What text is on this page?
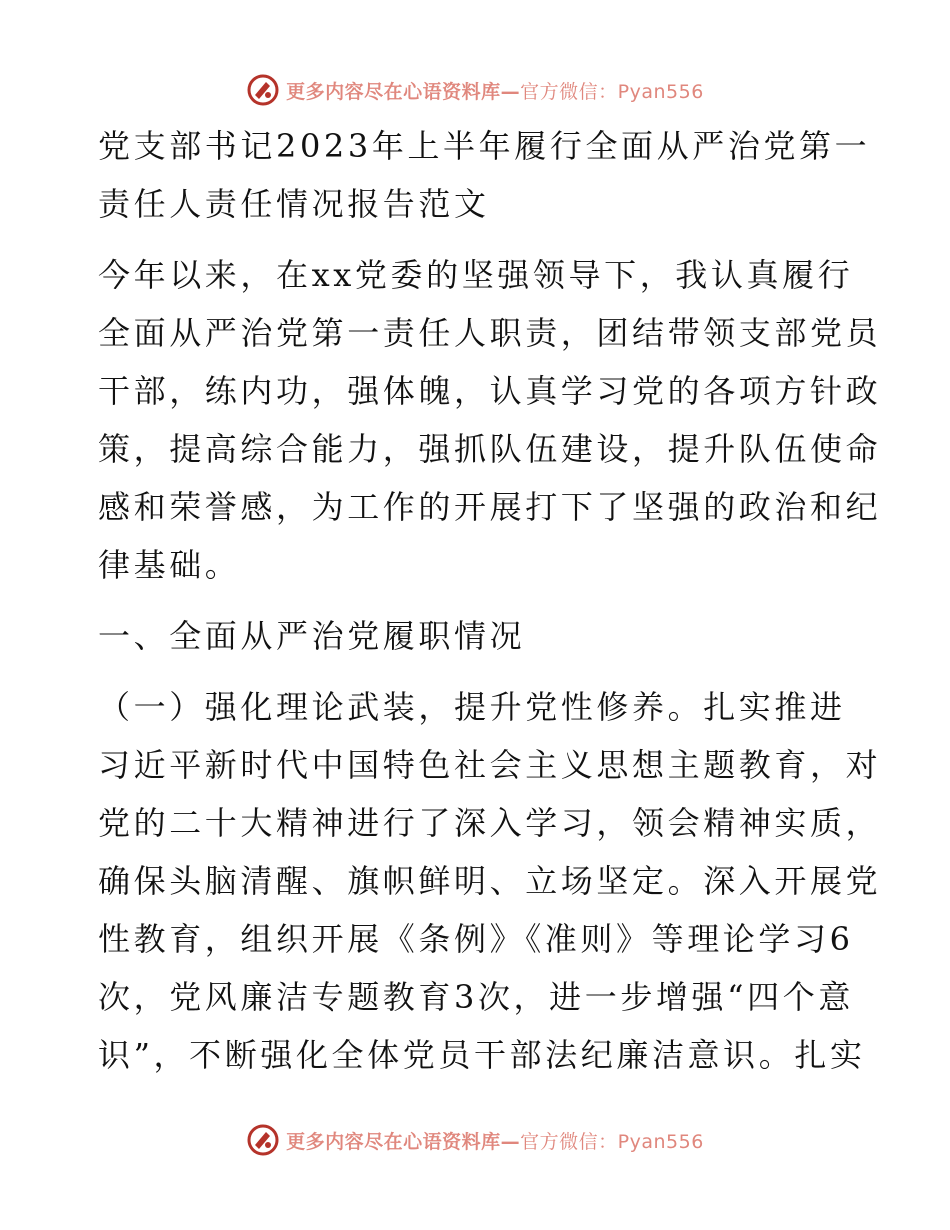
更多内容尽在心语资料库—官方微信：Pyan556
党支部书记2023年上半年履行全面从严治党第一
责任人责任情况报告范文
今年以来，在xx党委的坚强领导下，我认真履行
全面从严治党第一责任人职责，团结带领支部党员
干部，练内功，强体魄，认真学习党的各项方针政
策，提高综合能力，强抓队伍建设，提升队伍使命
感和荣誉感，为工作的开展打下了坚强的政治和纪
律基础。
一、全面从严治党履职情况
（一）强化理论武装，提升党性修养。扎实推进
习近平新时代中国特色社会主义思想主题教育，对
党的二十大精神进行了深入学习，领会精神实质，
确保头脑清醒、旗帜鲜明、立场坚定。深入开展党
性教育，组织开展《条例》《准则》等理论学习6
次，党风廉洁专题教育3次，进一步增强“四个意
识”，不断强化全体党员干部法纪廉洁意识。扎实
更多内容尽在心语资料库—官方微信：Pyan556
